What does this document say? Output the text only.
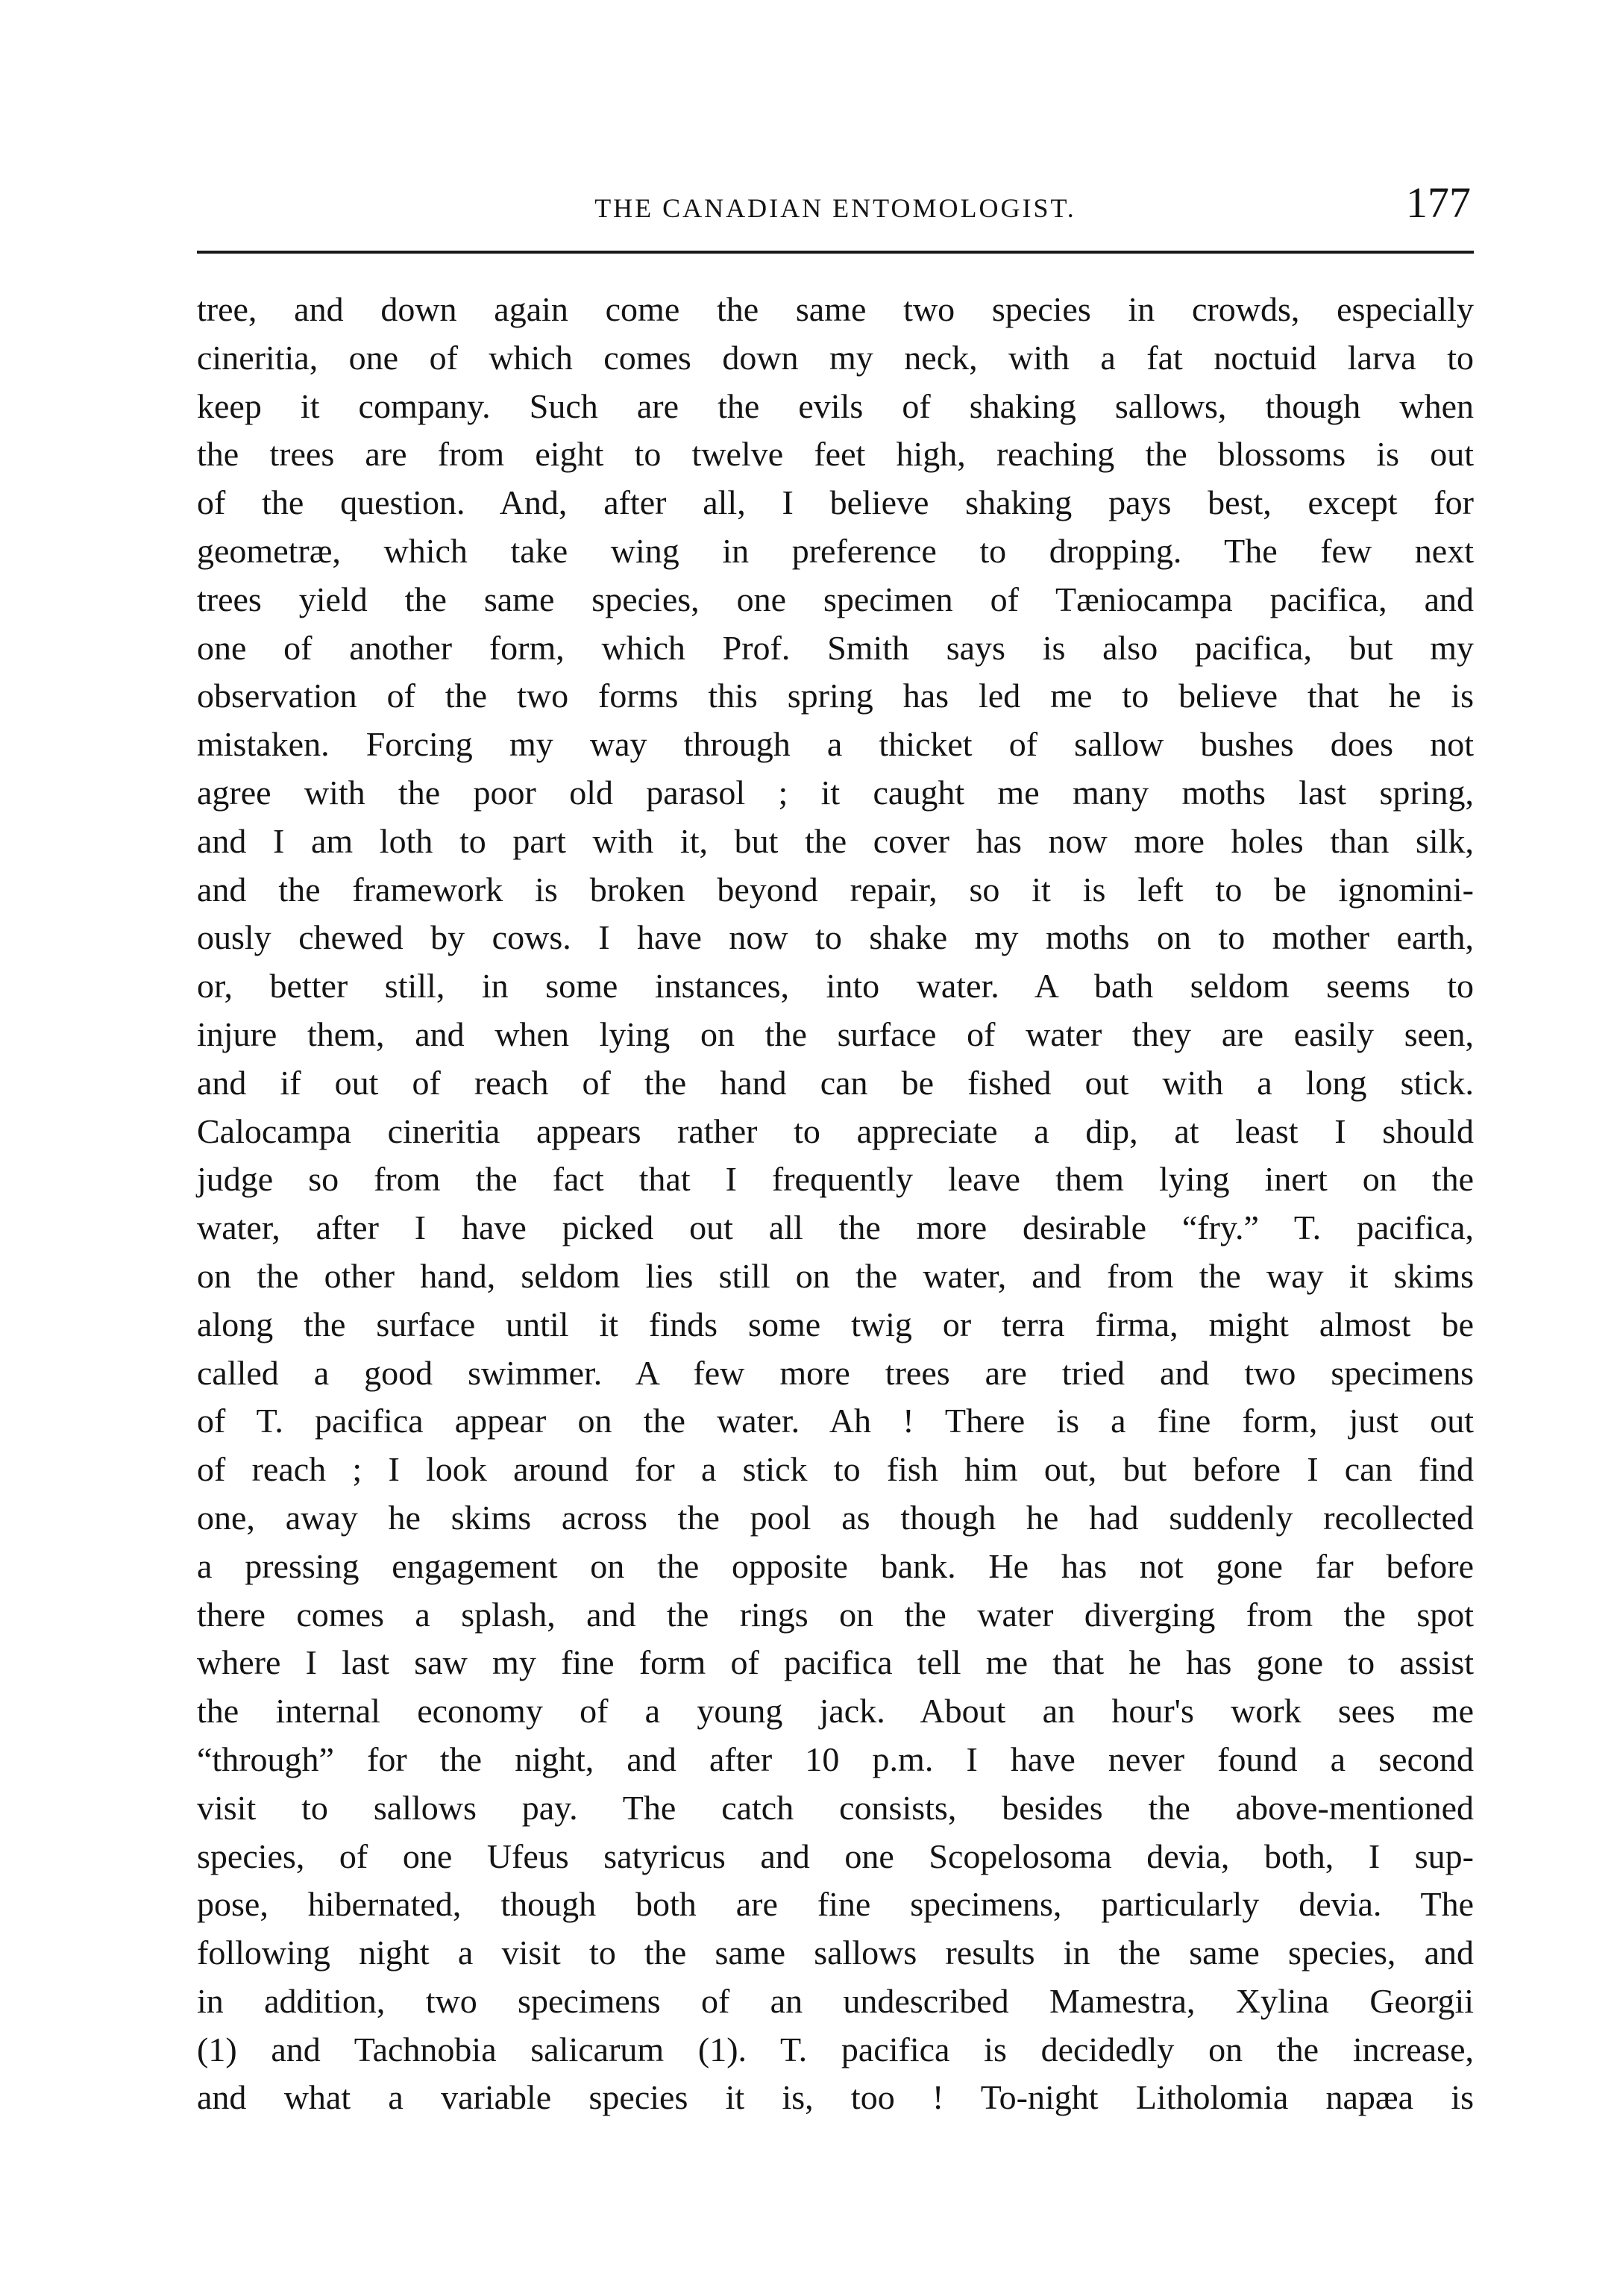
THE CANADIAN ENTOMOLOGIST.	177
tree, and down again come the same two species in crowds, especially
cineritia, one of which comes down my neck, with a fat noctuid larva to
keep it company. Such are the evils of shaking sallows, though when
the trees are from eight to twelve feet high, reaching the blossoms is out
of the question. And, after all, I believe shaking pays best, except for
geometræ, which take wing in preference to dropping. The few next
trees yield the same species, one specimen of Tæniocampa pacifica, and
one of another form, which Prof. Smith says is also pacifica, but my
observation of the two forms this spring has led me to believe that he is
mistaken. Forcing my way through a thicket of sallow bushes does not
agree with the poor old parasol ; it caught me many moths last spring,
and I am loth to part with it, but the cover has now more holes than silk,
and the framework is broken beyond repair, so it is left to be ignomini-
ously chewed by cows. I have now to shake my moths on to mother earth,
or, better still, in some instances, into water. A bath seldom seems to
injure them, and when lying on the surface of water they are easily seen,
and if out of reach of the hand can be fished out with a long stick.
Calocampa cineritia appears rather to appreciate a dip, at least I should
judge so from the fact that I frequently leave them lying inert on the
water, after I have picked out all the more desirable “fry.” T. pacifica,
on the other hand, seldom lies still on the water, and from the way it skims
along the surface until it finds some twig or terra firma, might almost be
called a good swimmer. A few more trees are tried and two specimens
of T. pacifica appear on the water. Ah ! There is a fine form, just out
of reach ; I look around for a stick to fish him out, but before I can find
one, away he skims across the pool as though he had suddenly recollected
a pressing engagement on the opposite bank. He has not gone far before
there comes a splash, and the rings on the water diverging from the spot
where I last saw my fine form of pacifica tell me that he has gone to assist
the internal economy of a young jack. About an hour's work sees me
“through” for the night, and after 10 p.m. I have never found a second
visit to sallows pay. The catch consists, besides the above-mentioned
species, of one Ufeus satyricus and one Scopelosoma devia, both, I sup-
pose, hibernated, though both are fine specimens, particularly devia. The
following night a visit to the same sallows results in the same species, and
in addition, two specimens of an undescribed Mamestra, Xylina Georgii
(1) and Tachnobia salicarum (1). T. pacifica is decidedly on the increase,
and what a variable species it is, too ! To-night Litholomia napæa is
